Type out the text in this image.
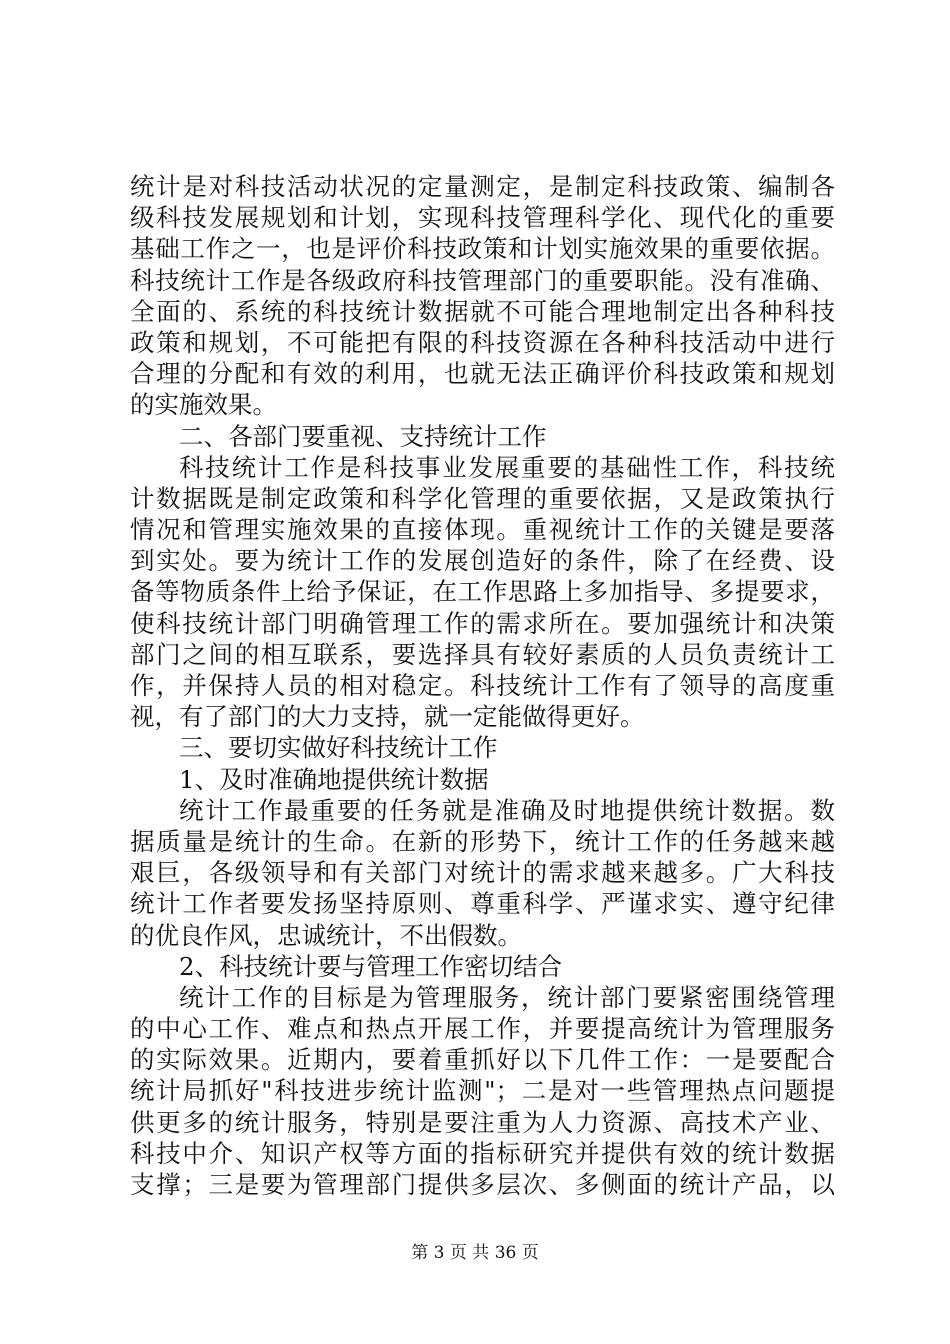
统计是对科技活动状况的定量测定，是制定科技政策、编制各
级科技发展规划和计划，实现科技管理科学化、现代化的重要
基础工作之一，也是评价科技政策和计划实施效果的重要依据。
科技统计工作是各级政府科技管理部门的重要职能。没有准确、
全面的、系统的科技统计数据就不可能合理地制定出各种科技
政策和规划，不可能把有限的科技资源在各种科技活动中进行
合理的分配和有效的利用，也就无法正确评价科技政策和规划
的实施效果。
二、各部门要重视、支持统计工作
科技统计工作是科技事业发展重要的基础性工作，科技统
计数据既是制定政策和科学化管理的重要依据，又是政策执行
情况和管理实施效果的直接体现。重视统计工作的关键是要落
到实处。要为统计工作的发展创造好的条件，除了在经费、设
备等物质条件上给予保证，在工作思路上多加指导、多提要求，
使科技统计部门明确管理工作的需求所在。要加强统计和决策
部门之间的相互联系，要选择具有较好素质的人员负责统计工
作，并保持人员的相对稳定。科技统计工作有了领导的高度重
视，有了部门的大力支持，就一定能做得更好。
三、要切实做好科技统计工作
1、及时准确地提供统计数据
统计工作最重要的任务就是准确及时地提供统计数据。数
据质量是统计的生命。在新的形势下，统计工作的任务越来越
艰巨，各级领导和有关部门对统计的需求越来越多。广大科技
统计工作者要发扬坚持原则、尊重科学、严谨求实、遵守纪律
的优良作风，忠诚统计，不出假数。
2、科技统计要与管理工作密切结合
统计工作的目标是为管理服务，统计部门要紧密围绕管理
的中心工作、难点和热点开展工作，并要提高统计为管理服务
的实际效果。近期内，要着重抓好以下几件工作：一是要配合
统计局抓好"科技进步统计监测"；二是对一些管理热点问题提
供更多的统计服务，特别是要注重为人力资源、高技术产业、
科技中介、知识产权等方面的指标研究并提供有效的统计数据
支撑；三是要为管理部门提供多层次、多侧面的统计产品，以
第 3 页 共 36 页
